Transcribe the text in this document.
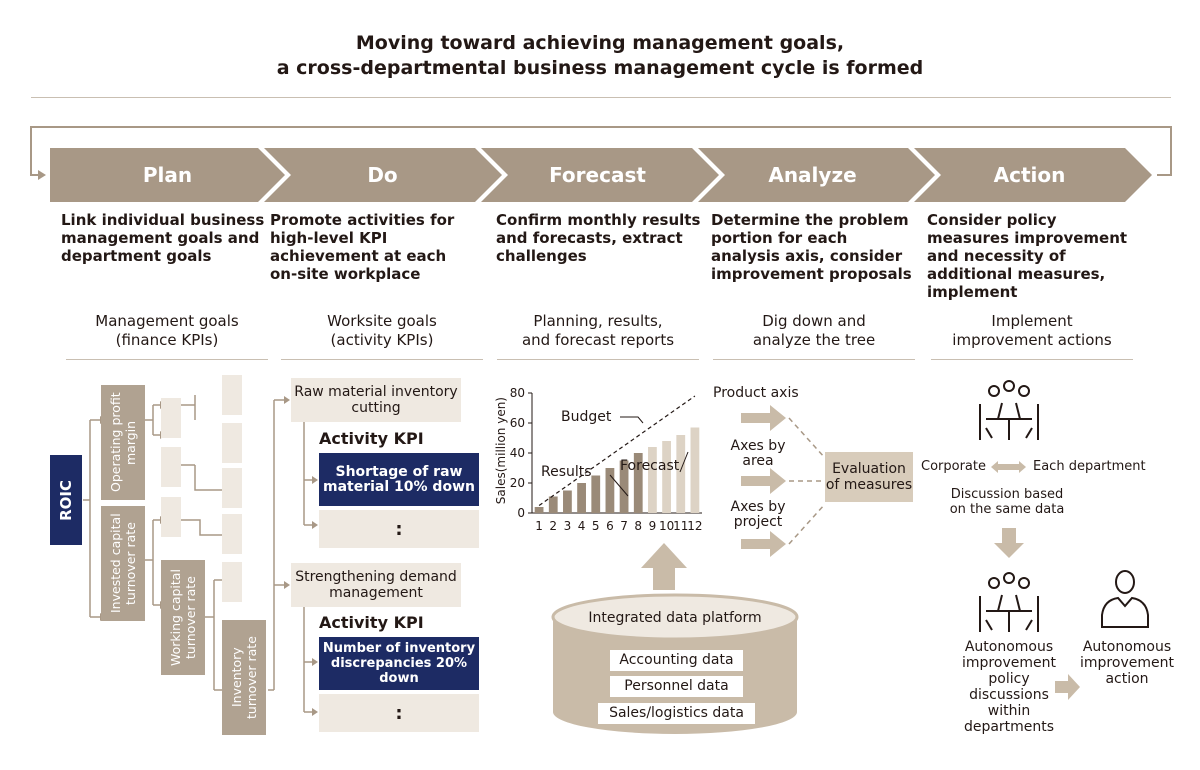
Moving toward achieving management goals,
a cross-departmental business management cycle is formed
Plan	Do	Forecast	Analyze	Action
Link individual business management goals and department goals
Promote activities for high-level KPI achievement at each on-site workplace
Confirm monthly results and forecasts, extract challenges
Determine the problem portion for each analysis axis, consider improvement proposals
Consider policy measures improvement and necessity of additional measures, implement
Management goals
(finance KPIs)
Worksite goals
(activity KPIs)
Planning, results,
and forecast reports
Dig down and
analyze the tree
Implement
improvement actions
ROIC
Operating profit margin
Invested capital turnover rate
Working capital turnover rate
Inventory turnover rate
Raw material inventory cutting
Activity KPI
Shortage of raw material 10% down
:
Strengthening demand management
Activity KPI
Number of inventory discrepancies 20% down
:
0
20
40
60
80
1 2 3 4 5 6 7 8 9 10
11
12
Sales(million yen)	Budget
Results Forecast
Integrated data platform
Accounting data
Personnel data
Sales/logistics data
Product axis
Axes by area
Axes by project
Evaluation of measures
Corporate	Each department
Discussion based on the same data
Autonomous improvement policy discussions within departments
Autonomous improvement action
